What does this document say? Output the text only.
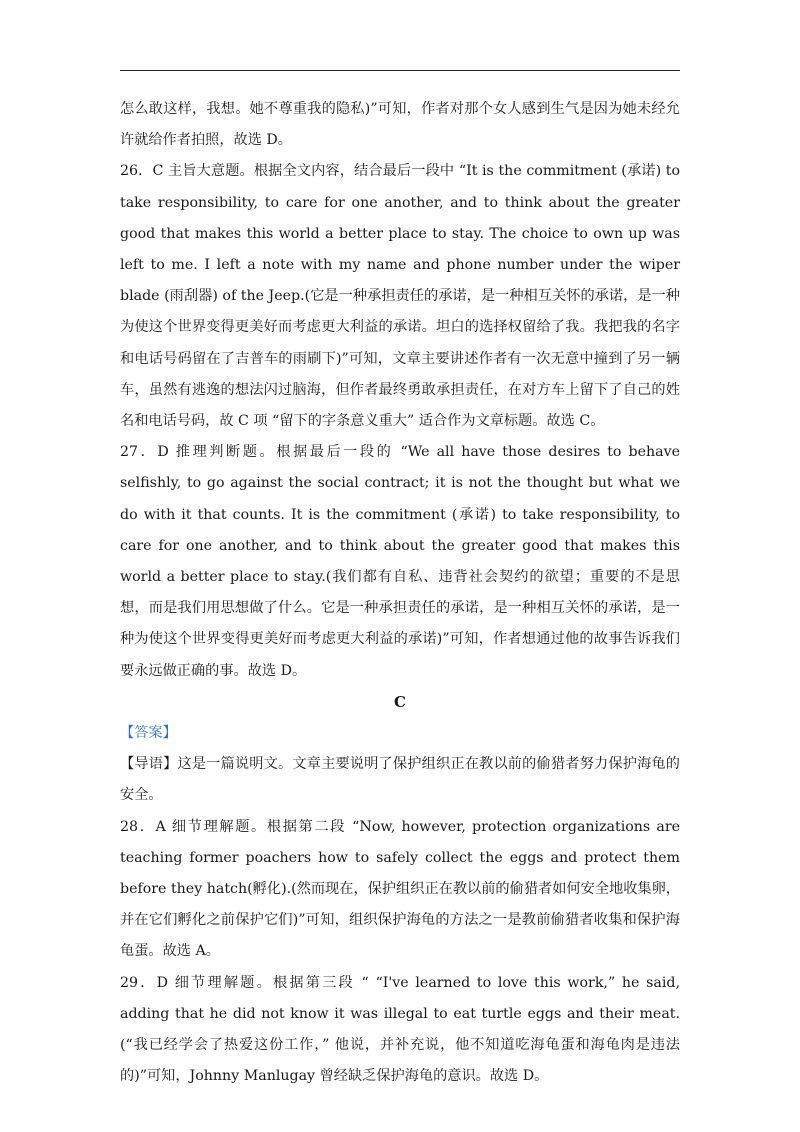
怎么敢这样，我想。她不尊重我的隐私)”可知，作者对那个女人感到生气是因为她未经允许就给作者拍照，故选 D。

26．C 主旨大意题。根据全文内容，结合最后一段中 “It is the commitment (承诺) to take responsibility, to care for one another, and to think about the greater good that makes this world a better place to stay. The choice to own up was left to me. I left a note with my name and phone number under the wiper blade (雨刮器) of the Jeep.(它是一种承担责任的承诺，是一种相互关怀的承诺，是一种为使这个世界变得更美好而考虑更大利益的承诺。坦白的选择权留给了我。我把我的名字和电话号码留在了吉普车的雨刷下)”可知，文章主要讲述作者有一次无意中撞到了另一辆车，虽然有逃逸的想法闪过脑海，但作者最终勇敢承担责任，在对方车上留下了自己的姓名和电话号码，故 C 项 “留下的字条意义重大” 适合作为文章标题。故选 C。

27．D 推理判断题。根据最后一段的 “We all have those desires to behave selfishly, to go against the social contract; it is not the thought but what we do with it that counts. It is the commitment (承诺) to take responsibility, to care for one another, and to think about the greater good that makes this world a better place to stay.(我们都有自私、违背社会契约的欲望；重要的不是思想，而是我们用思想做了什么。它是一种承担责任的承诺，是一种相互关怀的承诺，是一种为使这个世界变得更美好而考虑更大利益的承诺)”可知，作者想通过他的故事告诉我们要永远做正确的事。故选 D。

C

【答案】

【导语】这是一篇说明文。文章主要说明了保护组织正在教以前的偷猎者努力保护海龟的安全。

28．A 细节理解题。根据第二段 “Now, however, protection organizations are teaching former poachers how to safely collect the eggs and protect them before they hatch(孵化).(然而现在，保护组织正在教以前的偷猎者如何安全地收集卵，并在它们孵化之前保护它们)”可知，组织保护海龟的方法之一是教前偷猎者收集和保护海龟蛋。故选 A。

29．D 细节理解题。根据第三段 “ “I've learned to love this work,” he said, adding that he did not know it was illegal to eat turtle eggs and their meat.(“我已经学会了热爱这份工作，” 他说，并补充说，他不知道吃海龟蛋和海龟肉是违法的)”可知，Johnny Manlugay 曾经缺乏保护海龟的意识。故选 D。
